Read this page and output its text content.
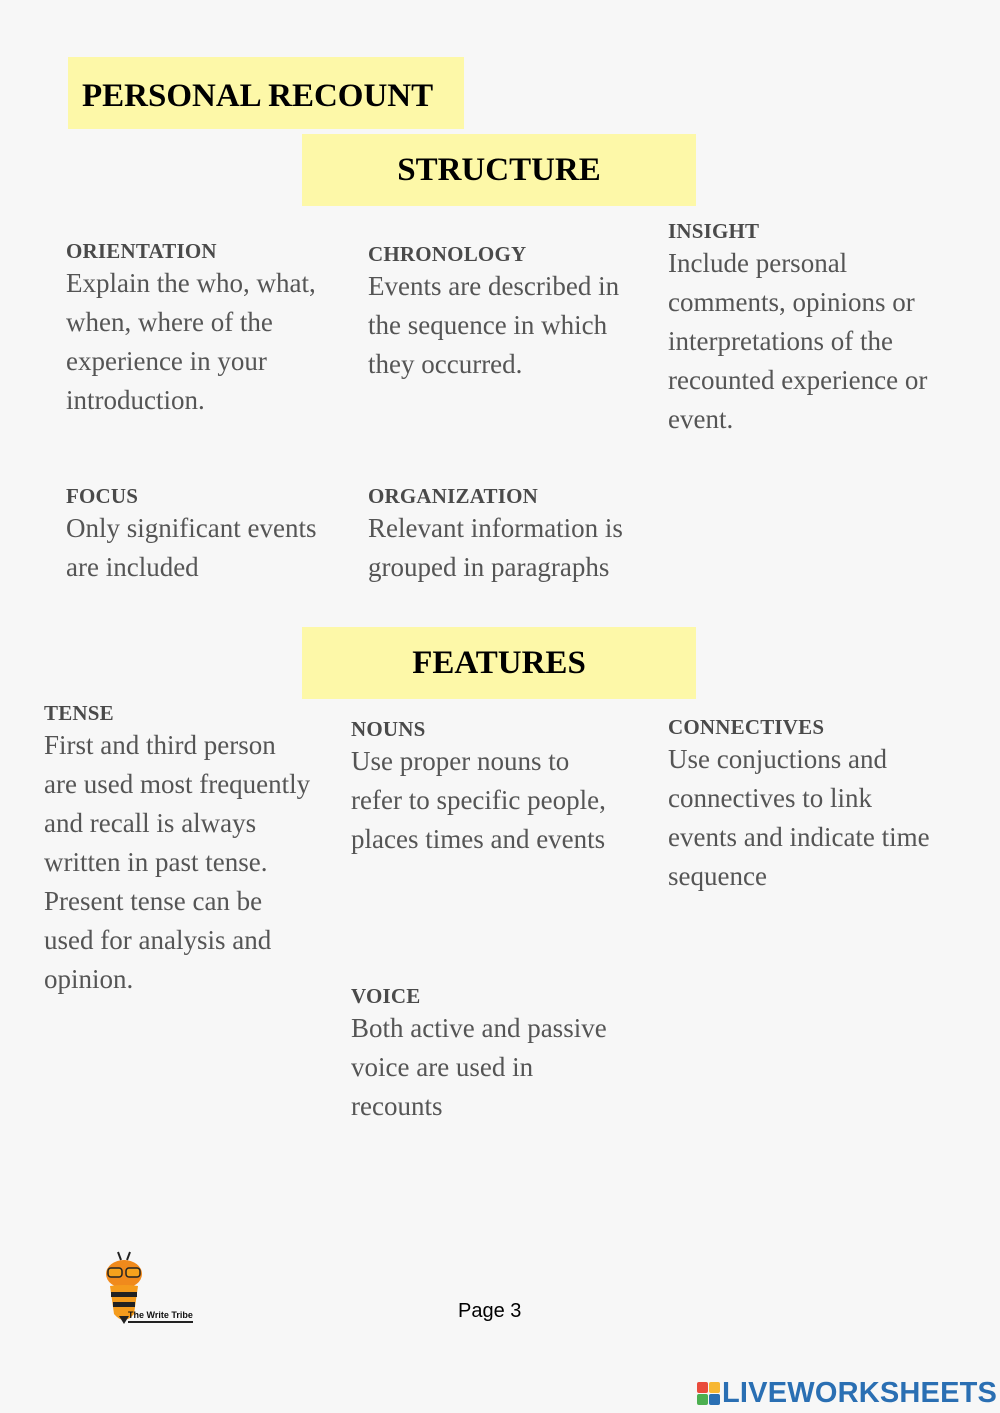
PERSONAL RECOUNT
STRUCTURE

ORIENTATION

Explain the who, what,
when, where of the
experience in your
introduction.

CHRONOLOGY

Events are described in
the sequence in which
they occurred.

INSIGHT

Include personal
comments, opinions or
interpretations of the
recounted experience or
event.

FOCUS

Only significant events
are included

ORGANIZATION

Relevant information is
grouped in paragraphs

FEATURES

TENSE

First and third person
are used most frequently
and recall is always
written in past tense.
Present tense can be
used for analysis and
opinion.

NOUNS

Use proper nouns to
refer to specific people,
places times and events

CONNECTIVES

Use conjuctions and
connectives to link
events and indicate time
sequence

VOICE

Both active and passive
voice are used in
recounts

The Write Tribe	Page 3
LIVEWORKSHEETS
